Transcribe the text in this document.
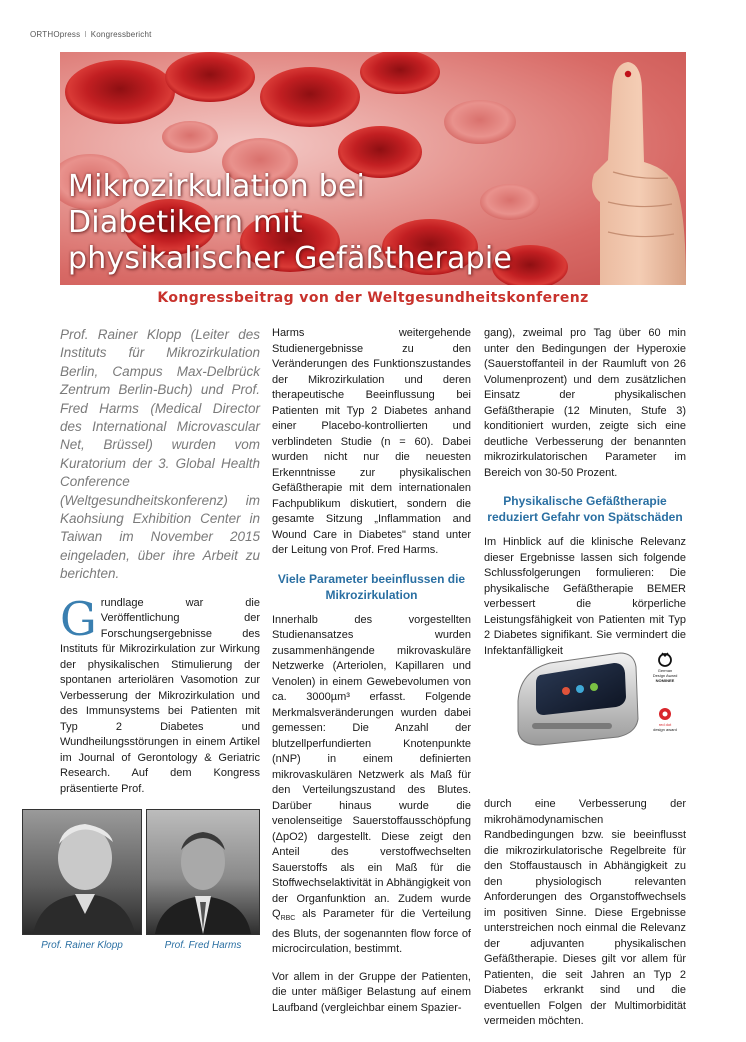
ORTHOpress I Kongressbericht
Mikrozirkulation bei
Diabetikern mit
physikalischer Gefäßtherapie
Kongressbeitrag von der Weltgesundheitskonferenz

Prof. Rainer Klopp (Leiter des Instituts für Mikrozirkulation Berlin, Campus Max-Delbrück Zentrum Berlin-Buch) und Prof. Fred Harms (Medical Director des International Microvascular Net, Brüssel) wurden vom Kuratorium der 3. Global Health Conference (Weltgesundheitskonferenz) im Kaohsiung Exhibition Center in Taiwan im November 2015 eingeladen, über ihre Arbeit zu berichten.

Grundlage war die Veröffentlichung der Forschungsergebnisse des Instituts für Mikrozirkulation zur Wirkung der physikalischen Stimulierung der spontanen arteriolären Vasomotion zur Verbesserung der Mikrozirkulation und des Immunsystems bei Patienten mit Typ 2 Diabetes und Wundheilungsstörungen in einem Artikel im Journal of Gerontology & Geriatric Research. Auf dem Kongress präsentierte Prof.

Prof. Rainer Klopp	Prof. Fred Harms

Harms weitergehende Studienergebnisse zu den Veränderungen des Funktionszustandes der Mikrozirkulation und deren therapeutische Beeinflussung bei Patienten mit Typ 2 Diabetes anhand einer Placebo-kontrollierten und verblindeten Studie (n = 60). Dabei wurden nicht nur die neuesten Erkenntnisse zur physikalischen Gefäßtherapie mit dem internationalen Fachpublikum diskutiert, sondern die gesamte Sitzung „Inflammation and Wound Care in Diabetes" stand unter der Leitung von Prof. Fred Harms.

Viele Parameter beeinflussen die Mikrozirkulation

Innerhalb des vorgestellten Studienansatzes wurden zusammenhängende mikrovaskuläre Netzwerke (Arteriolen, Kapillaren und Venolen) in einem Gewebevolumen von ca. 3000µm³ erfasst. Folgende Merkmalsveränderungen wurden dabei gemessen: Die Anzahl der blutzellperfundierten Knotenpunkte (nNP) in einem definierten mikrovaskulären Netzwerk als Maß für den Verteilungszustand des Blutes. Darüber hinaus wurde die venolenseitige Sauerstoffausschöpfung (ΔpO2) dargestellt. Diese zeigt den Anteil des verstoffwechselten Sauerstoffs als ein Maß für die Stoffwechselaktivität in Abhängigkeit von der Organfunktion an. Zudem wurde $Q_{RBC}$ als Parameter für die Verteilung des Bluts, der sogenannten flow force of microcirculation, bestimmt.

Vor allem in der Gruppe der Patienten, die unter mäßiger Belastung auf einem Laufband (vergleichbar einem Spazier-

gang), zweimal pro Tag über 60 min unter den Bedingungen der Hyperoxie (Sauerstoffanteil in der Raumluft von 26 Volumenprozent) und dem zusätzlichen Einsatz der physikalischen Gefäßtherapie (12 Minuten, Stufe 3) konditioniert wurden, zeigte sich eine deutliche Verbesserung der benannten mikrozirkulatorischen Parameter im Bereich von 30-50 Prozent.

Physikalische Gefäßtherapie reduziert Gefahr von Spätschäden

Im Hinblick auf die klinische Relevanz dieser Ergebnisse lassen sich folgende Schlussfolgerungen formulieren: Die physikalische Gefäßtherapie BEMER verbessert die körperliche Leistungsfähigkeit von Patienten mit Typ 2 Diabetes signifikant. Sie vermindert die Infektanfälligkeit

durch eine Verbesserung der mikrohämodynamischen Randbedingungen bzw. sie beeinflusst die mikrozirkulatorische Regelbreite für den Stoffaustausch in Abhängigkeit zu den physiologisch relevanten Anforderungen des Organstoffwechsels im positiven Sinne. Diese Ergebnisse unterstreichen noch einmal die Relevanz der adjuvanten physikalischen Gefäßtherapie. Dieses gilt vor allem für Patienten, die seit Jahren an Typ 2 Diabetes erkrankt sind und die eventuellen Folgen der Multimorbidität vermeiden möchten.

German
Design Award
NOMINEE
red dot
design award
